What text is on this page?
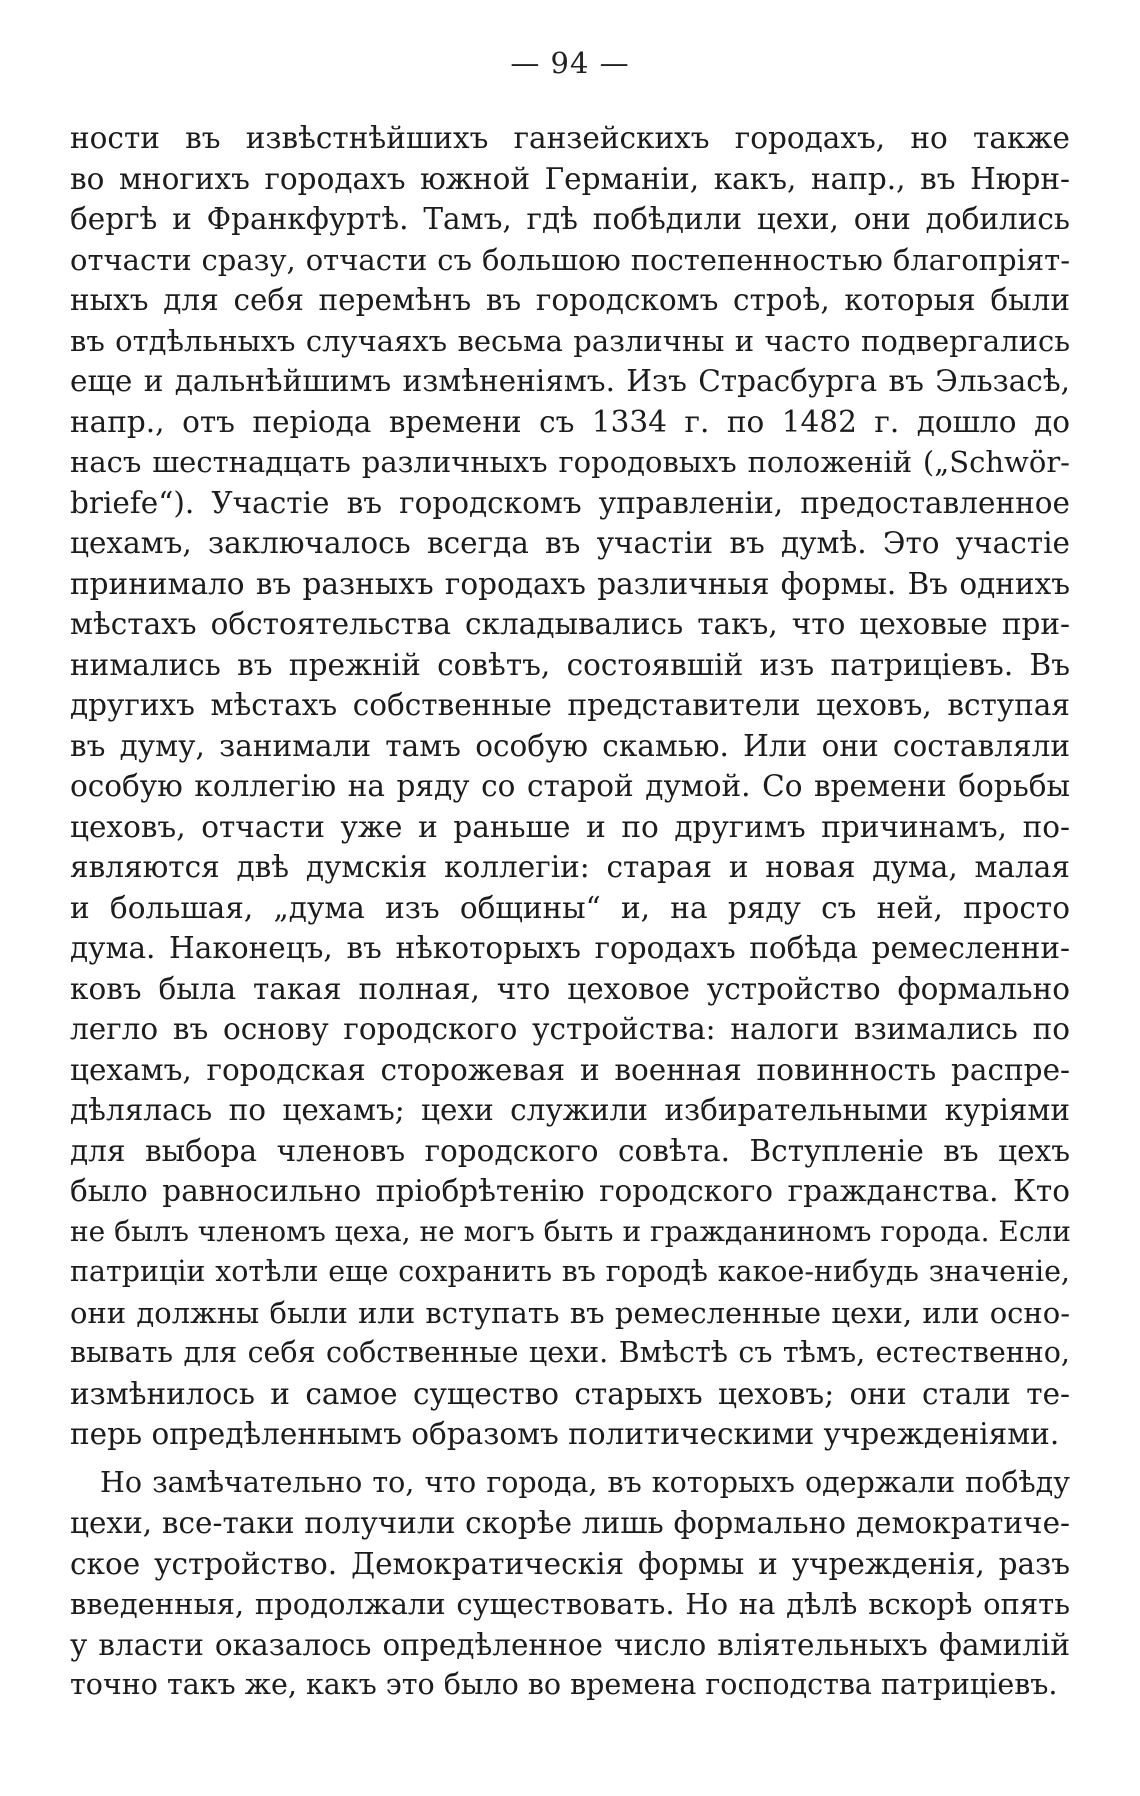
— 94 —
ности въ извѣстнѣйшихъ ганзейскихъ городахъ, но также
во многихъ городахъ южной Германіи, какъ, напр., въ Нюрн-
бергѣ и Франкфуртѣ. Тамъ, гдѣ побѣдили цехи, они добились
отчасти сразу, отчасти съ большою постепенностью благопріят-
ныхъ для себя перемѣнъ въ городскомъ строѣ, которыя были
въ отдѣльныхъ случаяхъ весьма различны и часто подвергались
еще и дальнѣйшимъ измѣненіямъ. Изъ Страсбурга въ Эльзасѣ,
напр., отъ періода времени съ 1334 г. по 1482 г. дошло до
насъ шестнадцать различныхъ городовыхъ положеній („Schwör-
briefe“). Участіе въ городскомъ управленіи, предоставленное
цехамъ, заключалось всегда въ участіи въ думѣ. Это участіе
принимало въ разныхъ городахъ различныя формы. Въ однихъ
мѣстахъ обстоятельства складывались такъ, что цеховые при-
нимались въ прежній совѣтъ, состоявшій изъ патриціевъ. Въ
другихъ мѣстахъ собственные представители цеховъ, вступая
въ думу, занимали тамъ особую скамью. Или они составляли
особую коллегію на ряду со старой думой. Со времени борьбы
цеховъ, отчасти уже и раньше и по другимъ причинамъ, по-
являются двѣ думскія коллегіи: старая и новая дума, малая
и большая, „дума изъ общины“ и, на ряду съ ней, просто
дума. Наконецъ, въ нѣкоторыхъ городахъ побѣда ремесленни-
ковъ была такая полная, что цеховое устройство формально
легло въ основу городского устройства: налоги взимались по
цехамъ, городская сторожевая и военная повинность распре-
дѣлялась по цехамъ; цехи служили избирательными куріями
для выбора членовъ городского совѣта. Вступленіе въ цехъ
было равносильно пріобрѣтенію городского гражданства. Кто
не былъ членомъ цеха, не могъ быть и гражданиномъ города. Если
патриціи хотѣли еще сохранить въ городѣ какое-нибудь значеніе,
они должны были или вступать въ ремесленные цехи, или осно-
вывать для себя собственные цехи. Вмѣстѣ съ тѣмъ, естественно,
измѣнилось и самое существо старыхъ цеховъ; они стали те-
перь опредѣленнымъ образомъ политическими учрежденіями.
Но замѣчательно то, что города, въ которыхъ одержали побѣду
цехи, все-таки получили скорѣе лишь формально демократиче-
ское устройство. Демократическія формы и учрежденія, разъ
введенныя, продолжали существовать. Но на дѣлѣ вскорѣ опять
у власти оказалось опредѣленное число вліятельныхъ фамилій
точно такъ же, какъ это было во времена господства патриціевъ.
